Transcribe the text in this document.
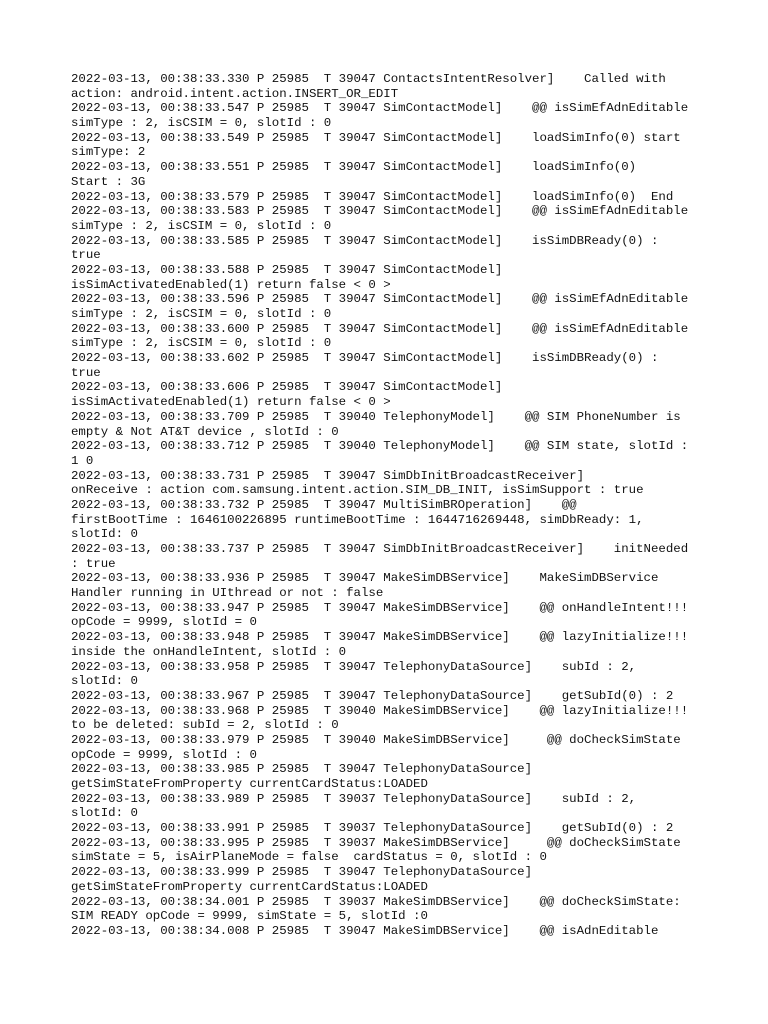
2022-03-13, 00:38:33.330 P 25985  T 39047 ContactsIntentResolver]    Called with
action: android.intent.action.INSERT_OR_EDIT
2022-03-13, 00:38:33.547 P 25985  T 39047 SimContactModel]    @@ isSimEfAdnEditable
simType : 2, isCSIM = 0, slotId : 0
2022-03-13, 00:38:33.549 P 25985  T 39047 SimContactModel]    loadSimInfo(0) start
simType: 2
2022-03-13, 00:38:33.551 P 25985  T 39047 SimContactModel]    loadSimInfo(0)
Start : 3G
2022-03-13, 00:38:33.579 P 25985  T 39047 SimContactModel]    loadSimInfo(0)  End
2022-03-13, 00:38:33.583 P 25985  T 39047 SimContactModel]    @@ isSimEfAdnEditable
simType : 2, isCSIM = 0, slotId : 0
2022-03-13, 00:38:33.585 P 25985  T 39047 SimContactModel]    isSimDBReady(0) :
true
2022-03-13, 00:38:33.588 P 25985  T 39047 SimContactModel]
isSimActivatedEnabled(1) return false < 0 >
2022-03-13, 00:38:33.596 P 25985  T 39047 SimContactModel]    @@ isSimEfAdnEditable
simType : 2, isCSIM = 0, slotId : 0
2022-03-13, 00:38:33.600 P 25985  T 39047 SimContactModel]    @@ isSimEfAdnEditable
simType : 2, isCSIM = 0, slotId : 0
2022-03-13, 00:38:33.602 P 25985  T 39047 SimContactModel]    isSimDBReady(0) :
true
2022-03-13, 00:38:33.606 P 25985  T 39047 SimContactModel]
isSimActivatedEnabled(1) return false < 0 >
2022-03-13, 00:38:33.709 P 25985  T 39040 TelephonyModel]    @@ SIM PhoneNumber is
empty & Not AT&T device , slotId : 0
2022-03-13, 00:38:33.712 P 25985  T 39040 TelephonyModel]    @@ SIM state, slotId :
1 0
2022-03-13, 00:38:33.731 P 25985  T 39047 SimDbInitBroadcastReceiver]
onReceive : action com.samsung.intent.action.SIM_DB_INIT, isSimSupport : true
2022-03-13, 00:38:33.732 P 25985  T 39047 MultiSimBROperation]    @@
firstBootTime : 1646100226895 runtimeBootTime : 1644716269448, simDbReady: 1,
slotId: 0
2022-03-13, 00:38:33.737 P 25985  T 39047 SimDbInitBroadcastReceiver]    initNeeded
: true
2022-03-13, 00:38:33.936 P 25985  T 39047 MakeSimDBService]    MakeSimDBService
Handler running in UIthread or not : false
2022-03-13, 00:38:33.947 P 25985  T 39047 MakeSimDBService]    @@ onHandleIntent!!!
opCode = 9999, slotId = 0
2022-03-13, 00:38:33.948 P 25985  T 39047 MakeSimDBService]    @@ lazyInitialize!!!
inside the onHandleIntent, slotId : 0
2022-03-13, 00:38:33.958 P 25985  T 39047 TelephonyDataSource]    subId : 2,
slotId: 0
2022-03-13, 00:38:33.967 P 25985  T 39047 TelephonyDataSource]    getSubId(0) : 2
2022-03-13, 00:38:33.968 P 25985  T 39040 MakeSimDBService]    @@ lazyInitialize!!!
to be deleted: subId = 2, slotId : 0
2022-03-13, 00:38:33.979 P 25985  T 39040 MakeSimDBService]     @@ doCheckSimState
opCode = 9999, slotId : 0
2022-03-13, 00:38:33.985 P 25985  T 39047 TelephonyDataSource]
getSimStateFromProperty currentCardStatus:LOADED
2022-03-13, 00:38:33.989 P 25985  T 39037 TelephonyDataSource]    subId : 2,
slotId: 0
2022-03-13, 00:38:33.991 P 25985  T 39037 TelephonyDataSource]    getSubId(0) : 2
2022-03-13, 00:38:33.995 P 25985  T 39037 MakeSimDBService]     @@ doCheckSimState
simState = 5, isAirPlaneMode = false  cardStatus = 0, slotId : 0
2022-03-13, 00:38:33.999 P 25985  T 39047 TelephonyDataSource]
getSimStateFromProperty currentCardStatus:LOADED
2022-03-13, 00:38:34.001 P 25985  T 39037 MakeSimDBService]    @@ doCheckSimState:
SIM READY opCode = 9999, simState = 5, slotId :0
2022-03-13, 00:38:34.008 P 25985  T 39047 MakeSimDBService]    @@ isAdnEditable
